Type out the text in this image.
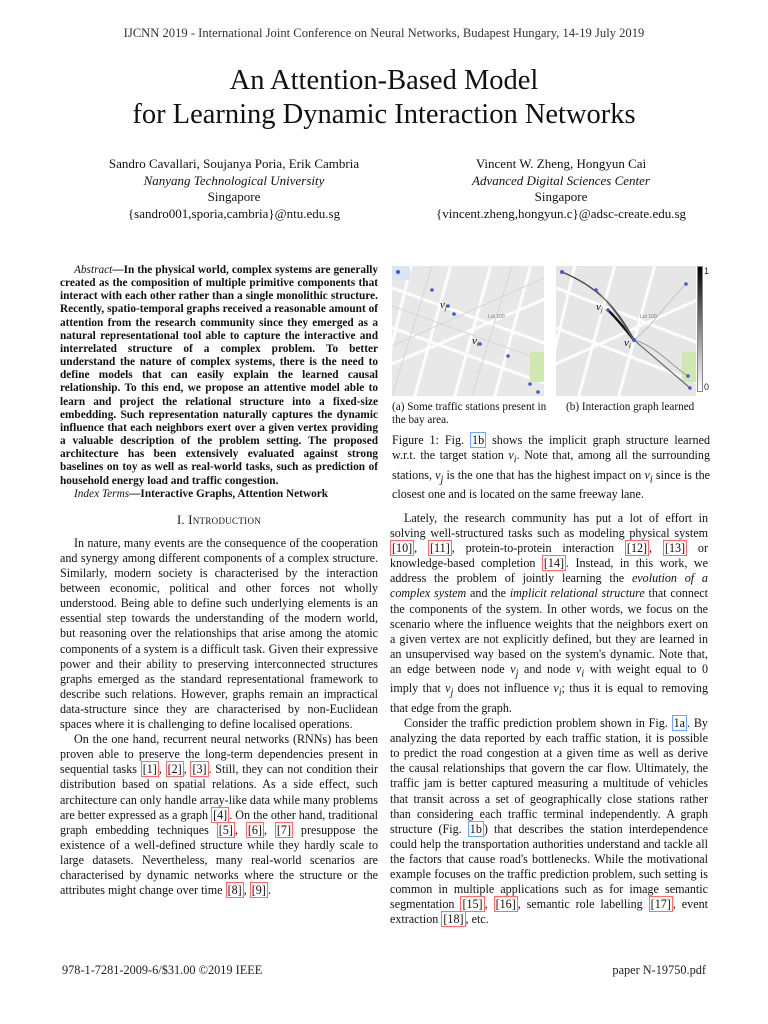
IJCNN 2019 - International Joint Conference on Neural Networks, Budapest Hungary, 14-19 July 2019
An Attention-Based Model
for Learning Dynamic Interaction Networks
Sandro Cavallari, Soujanya Poria, Erik Cambria
Nanyang Technological University
Singapore
{sandro001,sporia,cambria}@ntu.edu.sg
Vincent W. Zheng, Hongyun Cai
Advanced Digital Sciences Center
Singapore
{vincent.zheng,hongyun.c}@adsc-create.edu.sg

Abstract—In the physical world, complex systems are generally created as the composition of multiple primitive components that interact with each other rather than a single monolithic structure. Recently, spatio-temporal graphs received a reasonable amount of attention from the research community since they emerged as a natural representational tool able to capture the interactive and interrelated structure of a complex problem. To better understand the nature of complex systems, there is the need to define models that can easily explain the learned causal relationship. To this end, we propose an attentive model able to learn and project the relational structure into a fixed-size embedding. Such representation naturally captures the dynamic influence that each neighbors exert over a given vertex providing a valuable description of the problem setting. The proposed architecture has been extensively evaluated against strong baselines on toy as well as real-world tasks, such as prediction of household energy load and traffic congestion.

Index Terms—Interactive Graphs, Attention Network

I. Introduction

In nature, many events are the consequence of the cooperation and synergy among different components of a complex structure. Similarly, modern society is characterised by the interaction between economic, political and other forces not wholly understood. Being able to define such underlying elements is an essential step towards the understanding of the modern world, but reasoning over the relationships that arise among the atomic components of a system is a difficult task. Given their expressive power and their ability to preserving interconnected structures graphs emerged as the standard representational framework to describe such relations. However, graphs remain an impractical data-structure since they are characterised by non-Euclidean spaces where it is challenging to define localised operations.

On the one hand, recurrent neural networks (RNNs) has been proven able to preserve the long-term dependencies present in sequential tasks [1] , [2] , [3] . Still, they can not condition their distribution based on spatial relations. As a side effect, such architecture can only handle array-like data while many problems are better expressed as a graph [4] . On the other hand, traditional graph embedding techniques [5] , [6] , [7] presuppose the existence of a well-defined structure while they hardly scale to large datasets. Nevertheless, many real-world scenarios are characterised by dynamic networks where the structure or the attributes might change over time [8] , [9] .

vj
vi
Lot 100
vj
vi
Lot 100
1
0
(a) Some traffic stations present in the bay area.
(b) Interaction graph learned
Figure 1: Fig. 1b shows the implicit graph structure learned w.r.t. the target station $v_i$. Note that, among all the surrounding stations, $v_j$ is the one that has the highest impact on $v_i$ since is the closest one and is located on the same freeway lane.

Lately, the research community has put a lot of effort in solving well-structured tasks such as modeling physical system [10] , [11] , protein-to-protein interaction [12] , [13] or knowledge-based completion [14] . Instead, in this work, we address the problem of jointly learning the evolution of a complex system and the implicit relational structure that connect the components of the system. In other words, we focus on the scenario where the influence weights that the neighbors exert on a given vertex are not explicitly defined, but they are learned in an unsupervised way based on the system's dynamic. Note that, an edge between node $v_j$ and node $v_i$ with weight equal to 0 imply that $v_j$ does not influence $v_i$; thus it is equal to removing that edge from the graph.

Consider the traffic prediction problem shown in Fig. 1a . By analyzing the data reported by each traffic station, it is possible to predict the road congestion at a given time as well as derive the causal relationships that govern the car flow. Ultimately, the traffic jam is better captured measuring a multitude of vehicles that transit across a set of geographically close stations rather than considering each traffic terminal independently. A graph structure (Fig. 1b ) that describes the station interdependence could help the transportation authorities understand and tackle all the factors that cause road's bottlenecks. While the motivational example focuses on the traffic prediction problem, such setting is common in multiple applications such as for image semantic segmentation [15] , [16] , semantic role labelling [17] , event extraction [18] , etc.

978-1-7281-2009-6/$31.00 ©2019 IEEE	paper N-19750.pdf
